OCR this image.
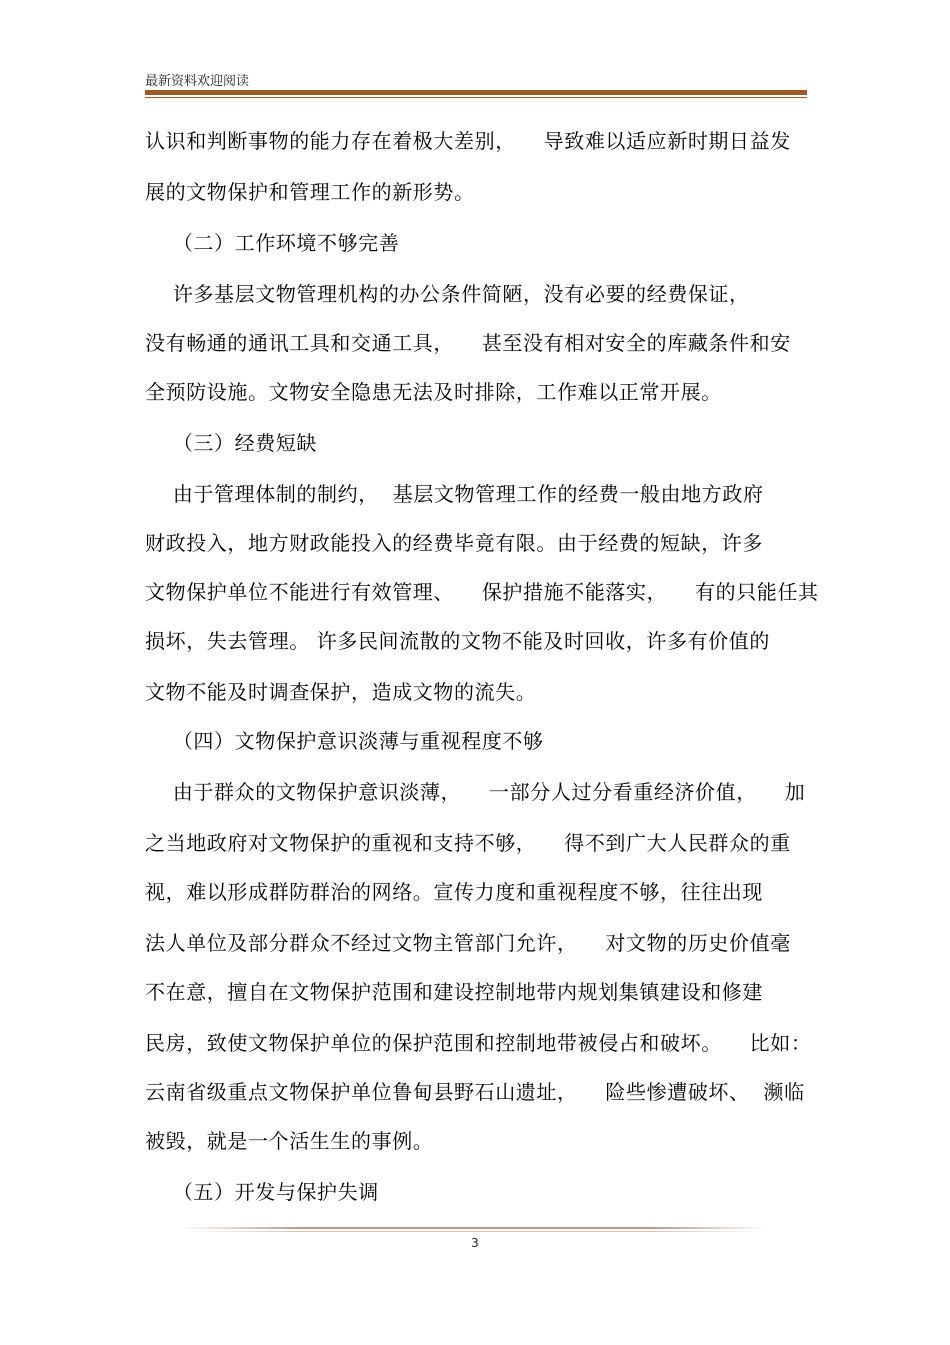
最新资料欢迎阅读
认识和判断事物的能力存在着极大差别，    导致难以适应新时期日益发
展的文物保护和管理工作的新形势。
（二）工作环境不够完善
许多基层文物管理机构的办公条件简陋，没有必要的经费保证，
没有畅通的通讯工具和交通工具，    甚至没有相对安全的库藏条件和安
全预防设施。文物安全隐患无法及时排除，工作难以正常开展。
（三）经费短缺
由于管理体制的制约，  基层文物管理工作的经费一般由地方政府
财政投入，地方财政能投入的经费毕竟有限。由于经费的短缺，许多
文物保护单位不能进行有效管理、    保护措施不能落实，    有的只能任其
损坏，失去管理。 许多民间流散的文物不能及时回收，许多有价值的
文物不能及时调查保护，造成文物的流失。
（四）文物保护意识淡薄与重视程度不够
由于群众的文物保护意识淡薄，    一部分人过分看重经济价值，    加
之当地政府对文物保护的重视和支持不够，    得不到广大人民群众的重
视，难以形成群防群治的网络。宣传力度和重视程度不够，往往出现
法人单位及部分群众不经过文物主管部门允许，    对文物的历史价值毫
不在意，擅自在文物保护范围和建设控制地带内规划集镇建设和修建
民房，致使文物保护单位的保护范围和控制地带被侵占和破坏。    比如：
云南省级重点文物保护单位鲁甸县野石山遗址，    险些惨遭破坏、  濒临
被毁，就是一个活生生的事例。
（五）开发与保护失调
3
